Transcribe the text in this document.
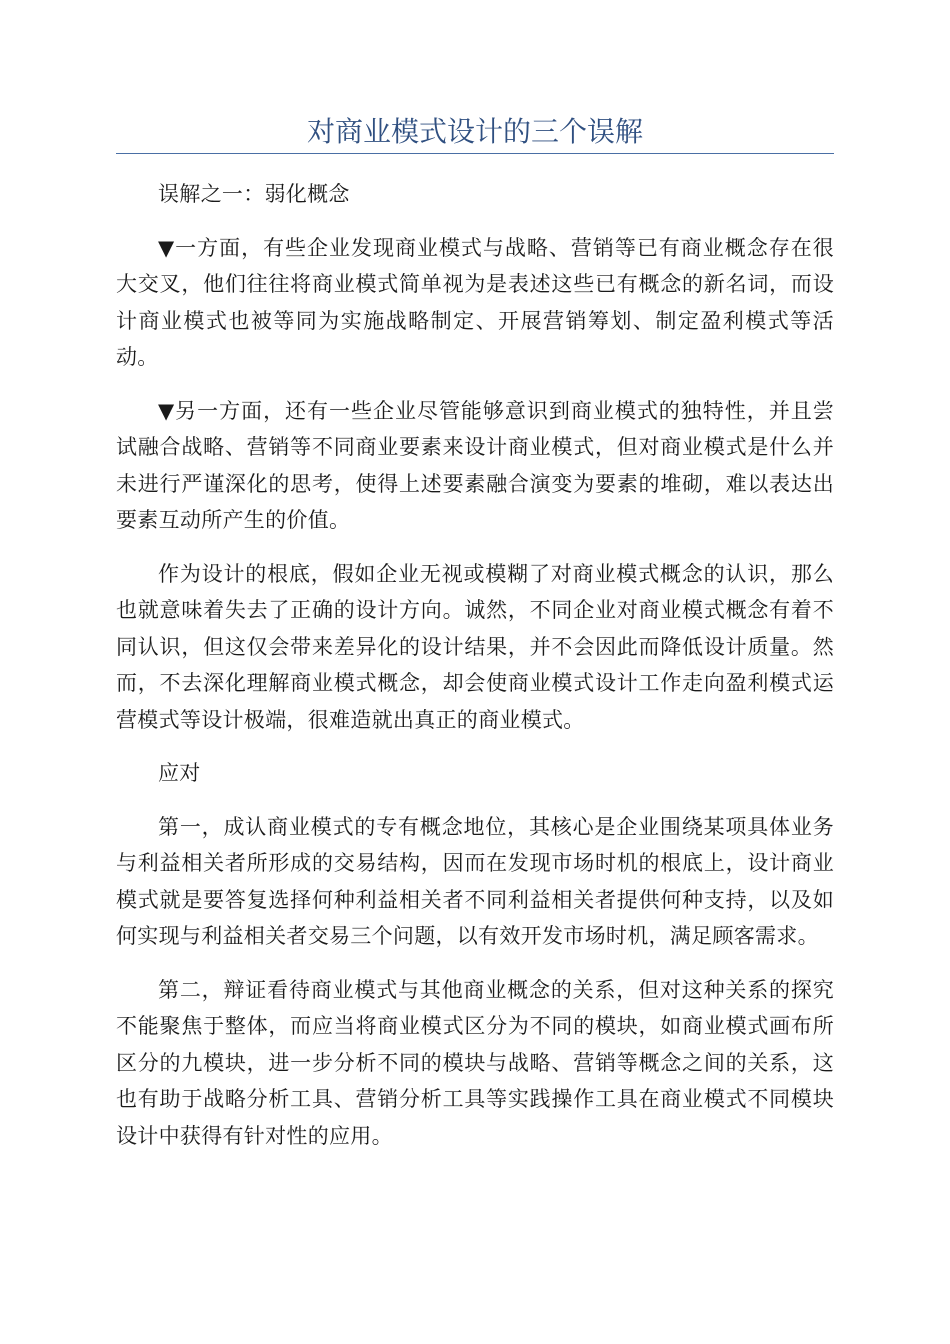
对商业模式设计的三个误解

误解之一：弱化概念

▼一方面，有些企业发现商业模式与战略、营销等已有商业概念存在很大交叉，他们往往将商业模式简单视为是表述这些已有概念的新名词，而设计商业模式也被等同为实施战略制定、开展营销筹划、制定盈利模式等活动。

▼另一方面，还有一些企业尽管能够意识到商业模式的独特性，并且尝试融合战略、营销等不同商业要素来设计商业模式，但对商业模式是什么并未进行严谨深化的思考，使得上述要素融合演变为要素的堆砌，难以表达出要素互动所产生的价值。

作为设计的根底，假如企业无视或模糊了对商业模式概念的认识，那么也就意味着失去了正确的设计方向。诚然，不同企业对商业模式概念有着不同认识，但这仅会带来差异化的设计结果，并不会因此而降低设计质量。然而，不去深化理解商业模式概念，却会使商业模式设计工作走向盈利模式运营模式等设计极端，很难造就出真正的商业模式。

应对

第一，成认商业模式的专有概念地位，其核心是企业围绕某项具体业务与利益相关者所形成的交易结构，因而在发现市场时机的根底上，设计商业模式就是要答复选择何种利益相关者不同利益相关者提供何种支持，以及如何实现与利益相关者交易三个问题，以有效开发市场时机，满足顾客需求。

第二，辩证看待商业模式与其他商业概念的关系，但对这种关系的探究不能聚焦于整体，而应当将商业模式区分为不同的模块，如商业模式画布所区分的九模块，进一步分析不同的模块与战略、营销等概念之间的关系，这也有助于战略分析工具、营销分析工具等实践操作工具在商业模式不同模块设计中获得有针对性的应用。
